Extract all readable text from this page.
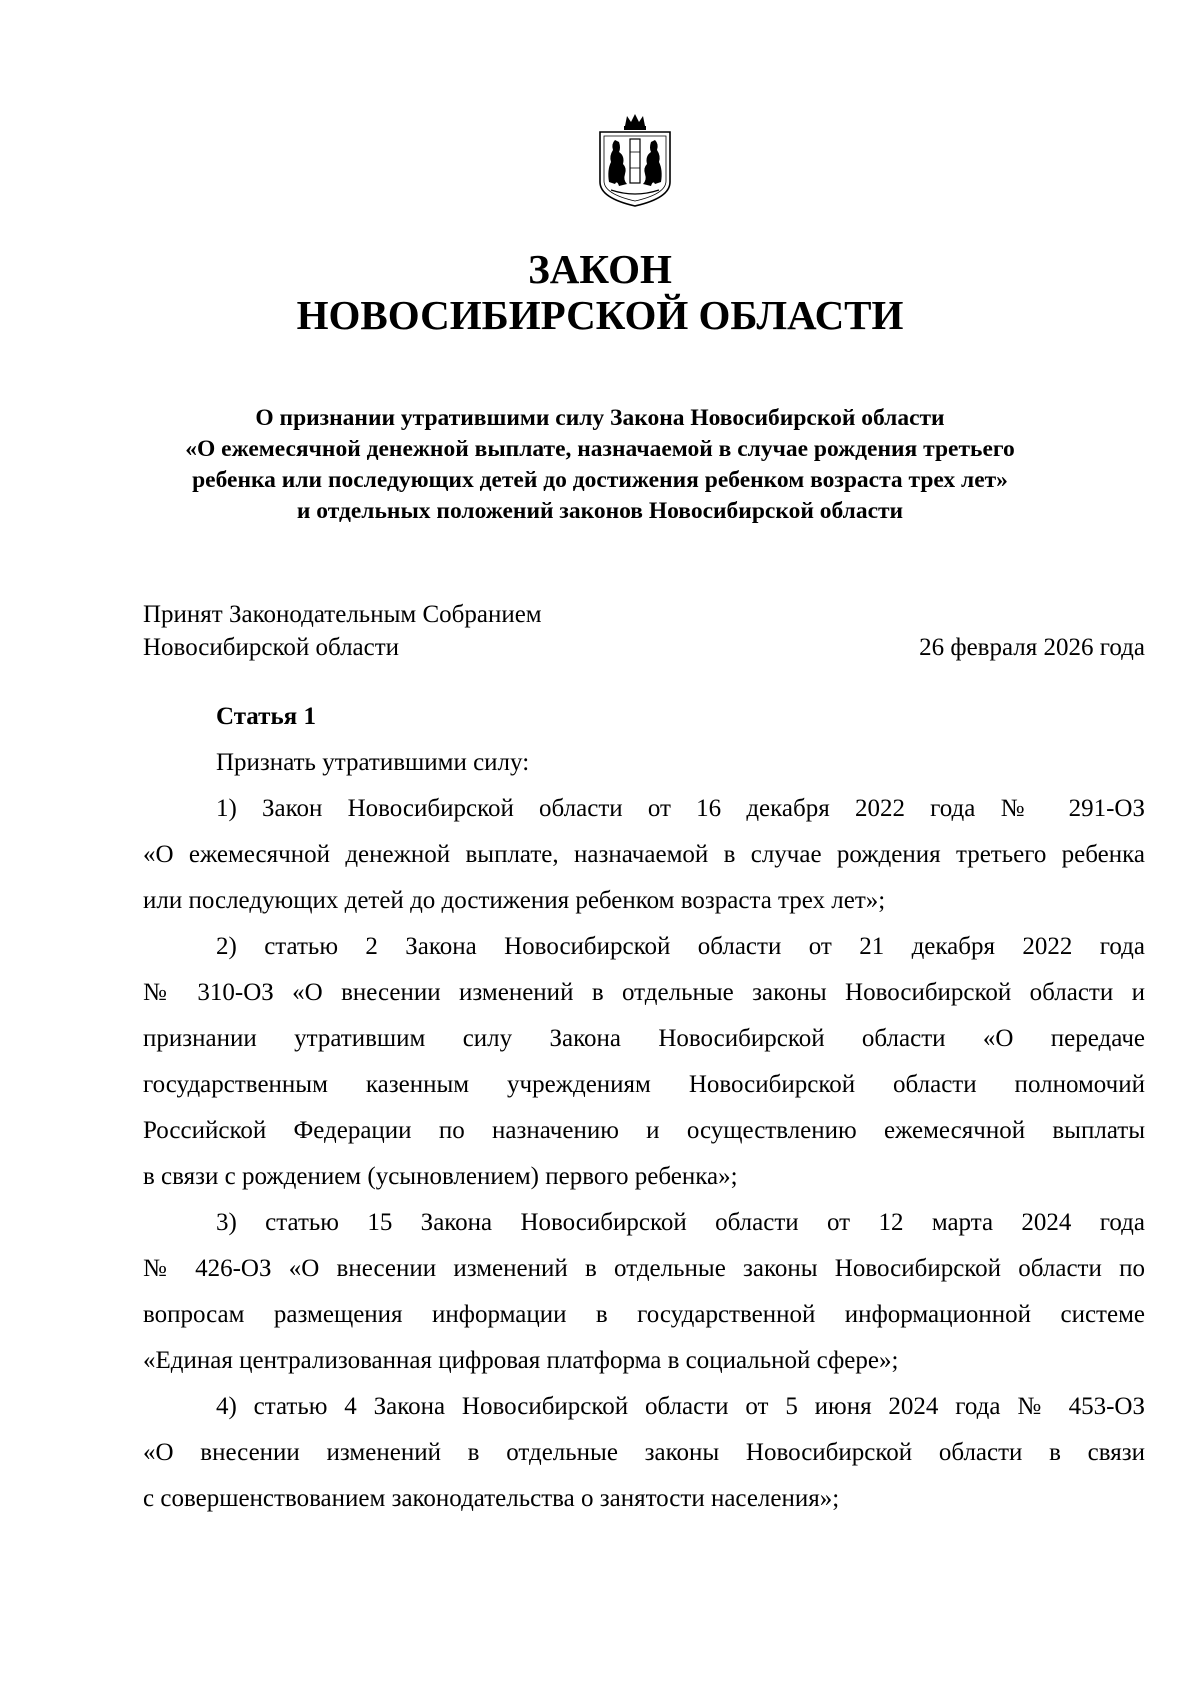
ЗАКОН
НОВОСИБИРСКОЙ ОБЛАСТИ
О признании утратившими силу Закона Новосибирской области
«О ежемесячной денежной выплате, назначаемой в случае рождения третьего
ребенка или последующих детей до достижения ребенком возраста трех лет»
и отдельных положений законов Новосибирской области
Принят Законодательным Собранием
Новосибирской области	26 февраля 2026 года
Статья 1
Признать утратившими силу:
1) Закон Новосибирской области от 16 декабря 2022 года № 291-ОЗ
«О ежемесячной денежной выплате, назначаемой в случае рождения третьего ребенка
или последующих детей до достижения ребенком возраста трех лет»;
2) статью 2 Закона Новосибирской области от 21 декабря 2022 года
№ 310-ОЗ «О внесении изменений в отдельные законы Новосибирской области и
признании утратившим силу Закона Новосибирской области «О передаче
государственным казенным учреждениям Новосибирской области полномочий
Российской Федерации по назначению и осуществлению ежемесячной выплаты
в связи с рождением (усыновлением) первого ребенка»;
3) статью 15 Закона Новосибирской области от 12 марта 2024 года
№ 426-ОЗ «О внесении изменений в отдельные законы Новосибирской области по
вопросам размещения информации в государственной информационной системе
«Единая централизованная цифровая платформа в социальной сфере»;
4) статью 4 Закона Новосибирской области от 5 июня 2024 года № 453-ОЗ
«О внесении изменений в отдельные законы Новосибирской области в связи
с совершенствованием законодательства о занятости населения»;
